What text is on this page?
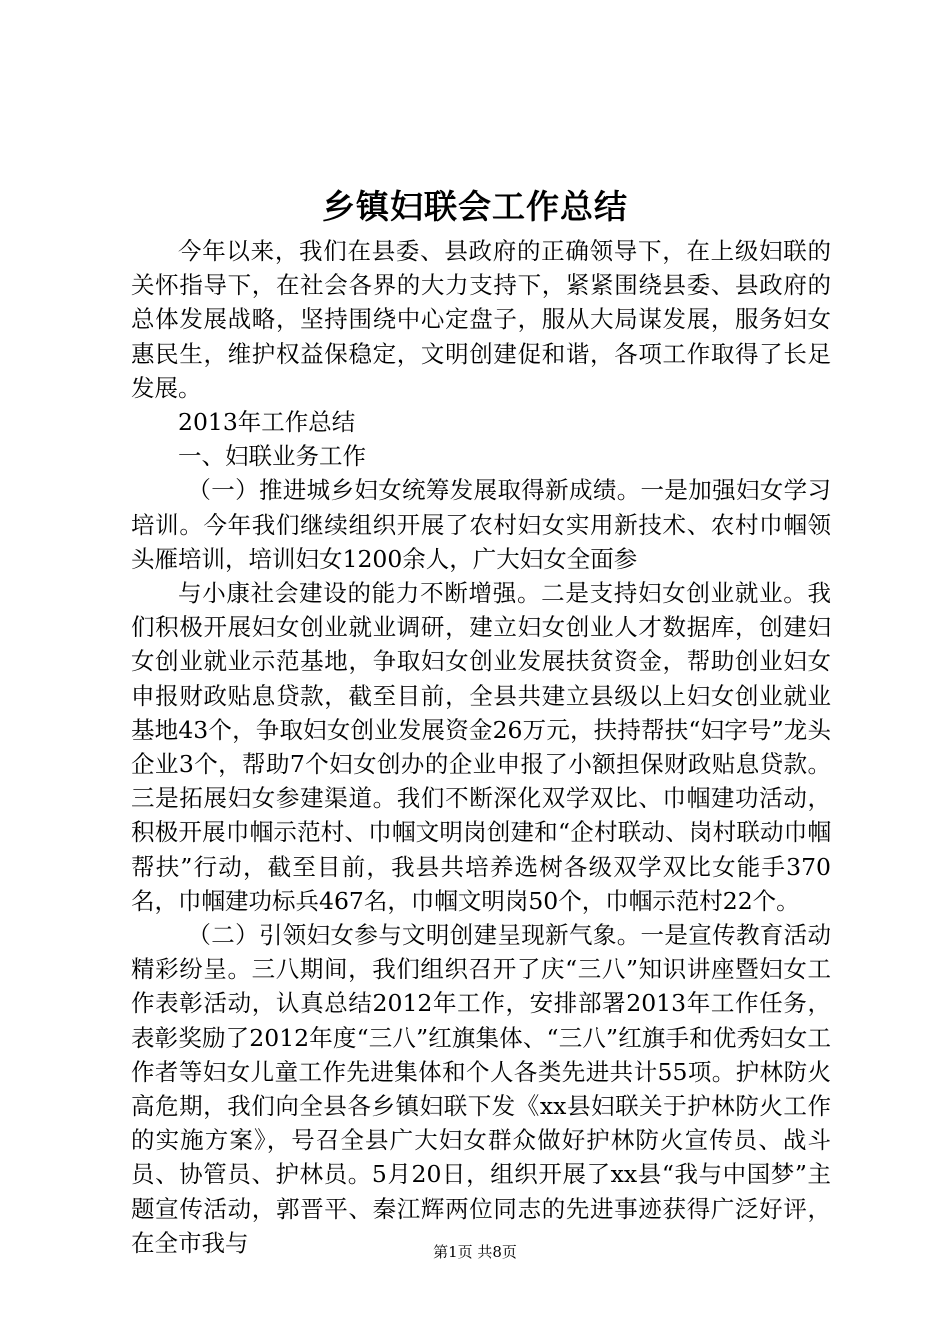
乡镇妇联会工作总结

今年以来，我们在县委、县政府的正确领导下，在上级妇联的关怀指导下，在社会各界的大力支持下，紧紧围绕县委、县政府的总体发展战略，坚持围绕中心定盘子，服从大局谋发展，服务妇女惠民生，维护权益保稳定，文明创建促和谐，各项工作取得了长足发展。

2013年工作总结

一、妇联业务工作

（一）推进城乡妇女统筹发展取得新成绩。一是加强妇女学习培训。今年我们继续组织开展了农村妇女实用新技术、农村巾帼领头雁培训，培训妇女1200余人，广大妇女全面参

与小康社会建设的能力不断增强。二是支持妇女创业就业。我们积极开展妇女创业就业调研，建立妇女创业人才数据库，创建妇女创业就业示范基地，争取妇女创业发展扶贫资金，帮助创业妇女申报财政贴息贷款，截至目前，全县共建立县级以上妇女创业就业基地43个，争取妇女创业发展资金26万元，扶持帮扶“妇字号”龙头企业3个，帮助7个妇女创办的企业申报了小额担保财政贴息贷款。三是拓展妇女参建渠道。我们不断深化双学双比、巾帼建功活动，积极开展巾帼示范村、巾帼文明岗创建和“企村联动、岗村联动巾帼帮扶”行动，截至目前，我县共培养选树各级双学双比女能手370名，巾帼建功标兵467名，巾帼文明岗50个，巾帼示范村22个。

（二）引领妇女参与文明创建呈现新气象。一是宣传教育活动精彩纷呈。三八期间，我们组织召开了庆“三八”知识讲座暨妇女工作表彰活动，认真总结2012年工作，安排部署2013年工作任务，表彰奖励了2012年度“三八”红旗集体、“三八”红旗手和优秀妇女工作者等妇女儿童工作先进集体和个人各类先进共计55项。护林防火高危期，我们向全县各乡镇妇联下发《xx县妇联关于护林防火工作的实施方案》，号召全县广大妇女群众做好护林防火宣传员、战斗员、协管员、护林员。5月20日，组织开展了xx县“我与中国梦”主题宣传活动，郭晋平、秦江辉两位同志的先进事迹获得广泛好评，在全市我与	第1页 共8页
